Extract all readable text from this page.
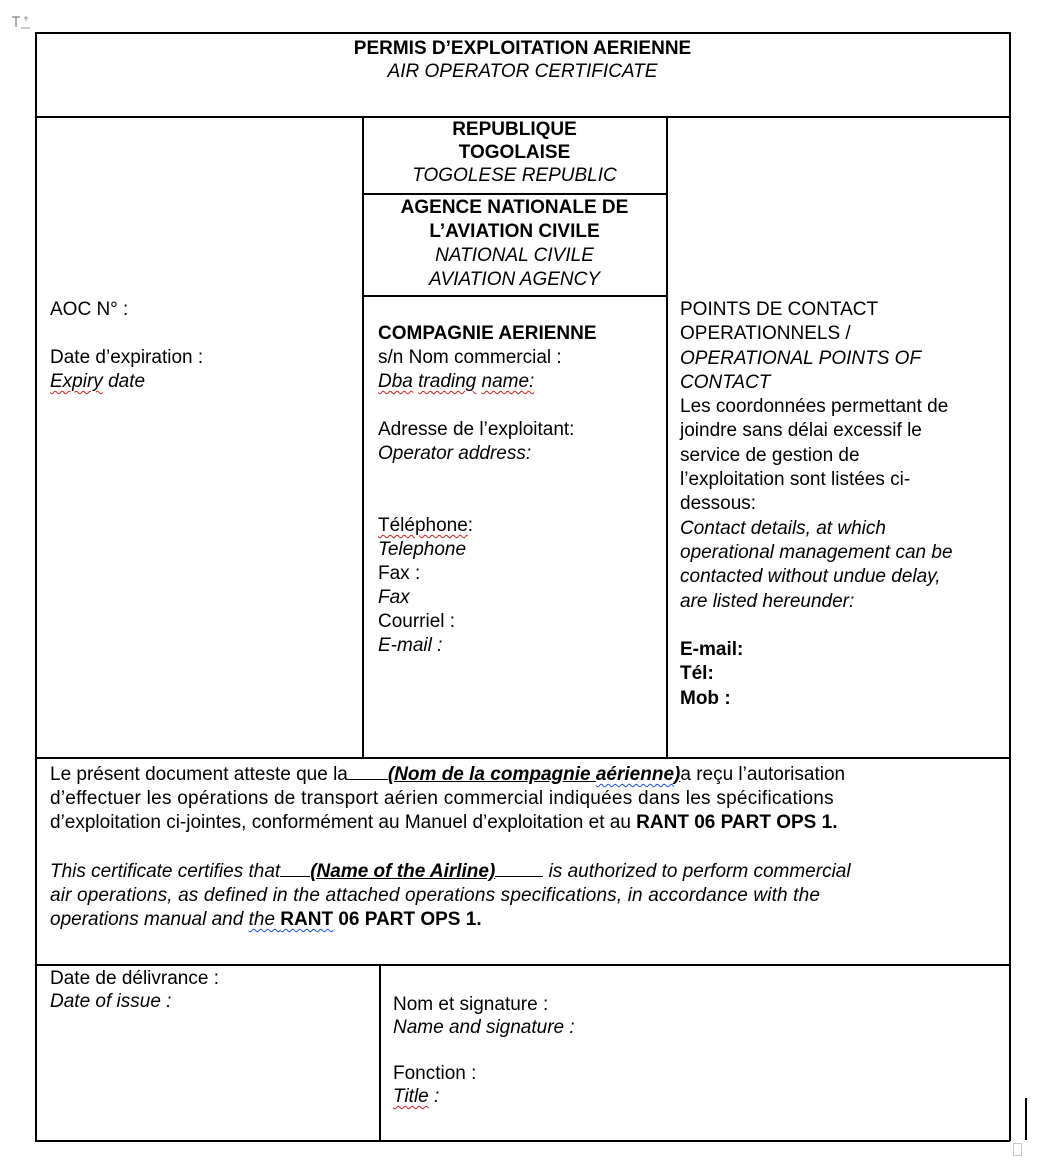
PERMIS D’EXPLOITATION AERIENNE

AIR OPERATOR CERTIFICATE

REPUBLIQUE

TOGOLAISE

TOGOLESE REPUBLIC

AGENCE NATIONALE DE

L’AVIATION CIVILE

NATIONAL CIVILE

AVIATION AGENCY

AOC N° :

Date d’expiration :

Expiry date

COMPAGNIE AERIENNE

s/n Nom commercial :

Dba trading name:

Adresse de l’exploitant:

Operator address:

Téléphone:

Telephone

Fax :

Fax

Courriel :

E-mail :

POINTS DE CONTACT

OPERATIONNELS /

OPERATIONAL POINTS OF

CONTACT

Les coordonnées permettant de

joindre sans délai excessif le

service de gestion de

l’exploitation sont listées ci-

dessous:

Contact details, at which

operational management can be

contacted without undue delay,

are listed hereunder:

E-mail:

Tél:

Mob :

Le présent document atteste que la (Nom de la compagnie aérienne)a reçu l’autorisation

d’effectuer les opérations de transport aérien commercial indiquées dans les spécifications

d’exploitation ci-jointes, conformément au Manuel d’exploitation et au RANT 06 PART OPS 1.

This certificate certifies that (Name of the Airline)	is authorized to perform commercial

air operations, as defined in the attached operations specifications, in accordance with the

operations manual and the RANT 06 PART OPS 1.

Date de délivrance :

Date of issue :	Nom et signature :

Name and signature :

Fonction :

Title :
